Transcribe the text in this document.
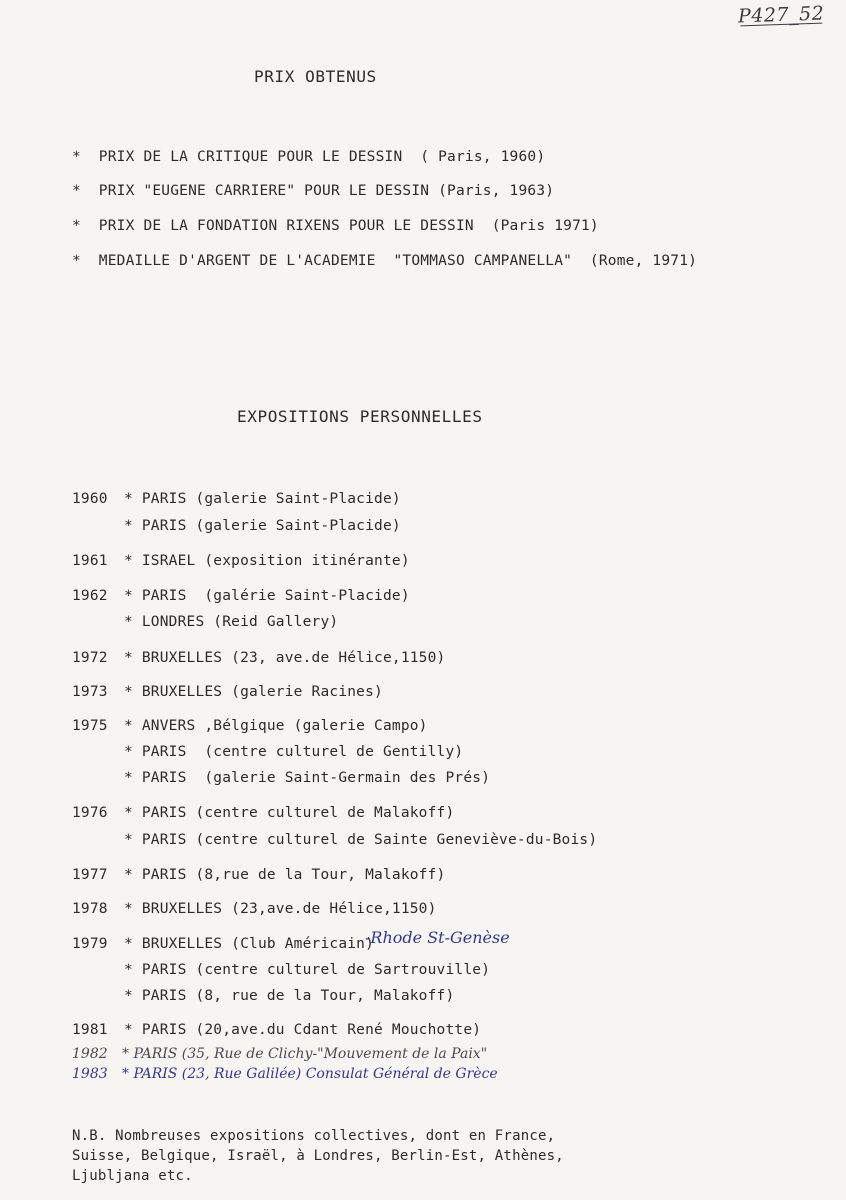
P427_52
PRIX OBTENUS
*  PRIX DE LA CRITIQUE POUR LE DESSIN  ( Paris, 1960)
*  PRIX "EUGENE CARRIERE" POUR LE DESSIN (Paris, 1963)
*  PRIX DE LA FONDATION RIXENS POUR LE DESSIN  (Paris 1971)
*  MEDAILLE D'ARGENT DE L'ACADEMIE  "TOMMASO CAMPANELLA"  (Rome, 1971)
EXPOSITIONS PERSONNELLES
1960 * PARIS (galerie Saint-Placide)
* PARIS (galerie Saint-Placide)
1961 * ISRAEL (exposition itinérante)
1962 * PARIS  (galérie Saint-Placide)
* LONDRES (Reid Gallery)
1972 * BRUXELLES (23, ave.de Hélice,1150)
1973 * BRUXELLES (galerie Racines)
1975 * ANVERS ,Bélgique (galerie Campo)
* PARIS  (centre culturel de Gentilly)
* PARIS  (galerie Saint-Germain des Prés)
1976 * PARIS (centre culturel de Malakoff)
* PARIS (centre culturel de Sainte Geneviève-du-Bois)
1977 * PARIS (8,rue de la Tour, Malakoff)
1978 * BRUXELLES (23,ave.de Hélice,1150)
1979 * BRUXELLES (Club Américain)
-Rhode St-Genèse
* PARIS (centre culturel de Sartrouville)
* PARIS (8, rue de la Tour, Malakoff)
1981 * PARIS (20,ave.du Cdant René Mouchotte)
1982 * PARIS (35, Rue de Clichy-"Mouvement de la Paix"
1983 * PARIS (23, Rue Galilée) Consulat Général de Grèce
N.B. Nombreuses expositions collectives, dont en France,
Suisse, Belgique, Israël, à Londres, Berlin-Est, Athènes,
Ljubljana etc.
